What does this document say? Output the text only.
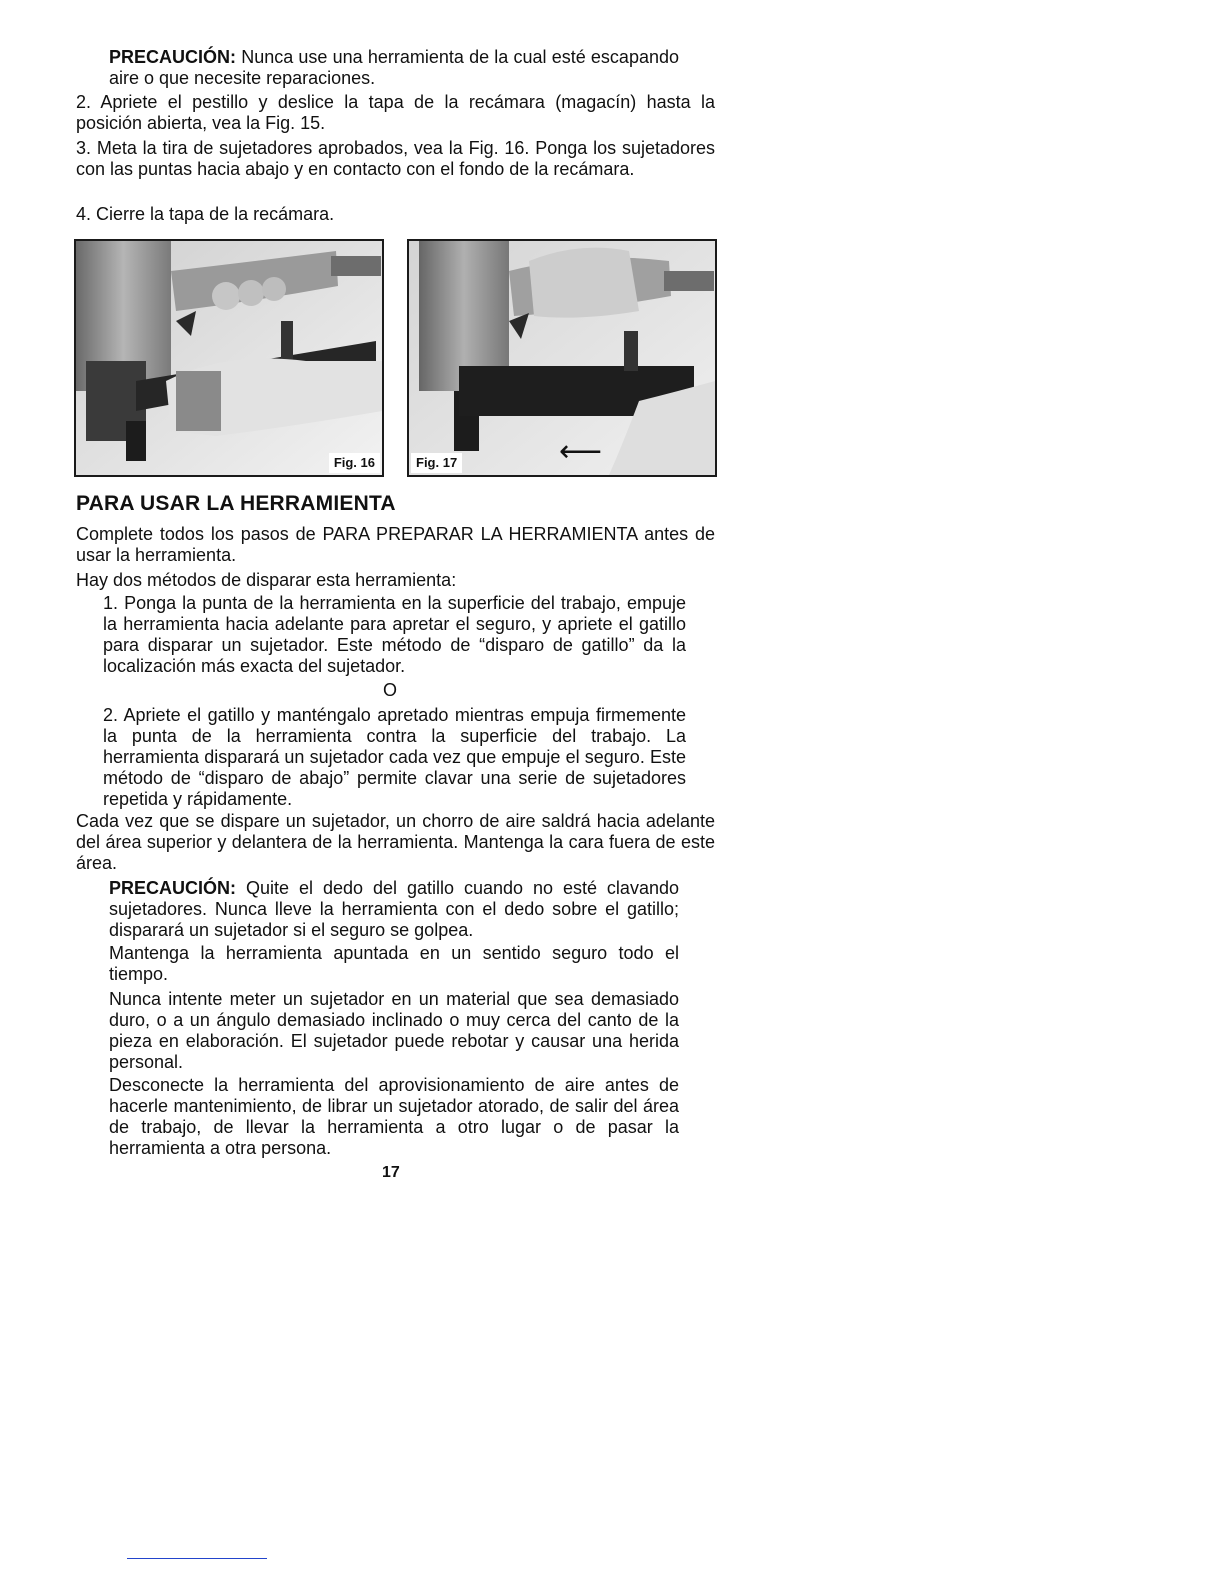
PRECAUCIÓN: Nunca use una herramienta de la cual esté escapando aire o que necesite reparaciones.

2. Apriete el pestillo y deslice la tapa de la recámara (magacín) hasta la posición abierta, vea la Fig. 15.

3. Meta la tira de sujetadores aprobados, vea la Fig. 16. Ponga los sujetadores con las puntas hacia abajo y en contacto con el fondo de la recámara.

4. Cierre la tapa de la recámara.

Fig. 16	Fig. 17	⟵
PARA USAR LA HERRAMIENTA

Complete todos los pasos de PARA PREPARAR LA HERRAMIENTA antes de usar la herramienta.

Hay dos métodos de disparar esta herramienta:

1. Ponga la punta de la herramienta en la superficie del trabajo, empuje la herramienta hacia adelante para apretar el seguro, y apriete el gatillo para disparar un sujetador. Este método de “disparo de gatillo” da la localización más exacta del sujetador.

O

2. Apriete el gatillo y manténgalo apretado mientras empuja firmemente la punta de la herramienta contra la superficie del trabajo. La herramienta disparará un sujetador cada vez que empuje el seguro. Este método de “disparo de abajo” permite clavar una serie de sujetadores repetida y rápidamente.

Cada vez que se dispare un sujetador, un chorro de aire saldrá hacia adelante del área superior y delantera de la herramienta. Mantenga la cara fuera de este área.

PRECAUCIÓN: Quite el dedo del gatillo cuando no esté clavando sujetadores. Nunca lleve la herramienta con el dedo sobre el gatillo; disparará un sujetador si el seguro se golpea.

Mantenga la herramienta apuntada en un sentido seguro todo el tiempo.

Nunca intente meter un sujetador en un material que sea demasiado duro, o a un ángulo demasiado inclinado o muy cerca del canto de la pieza en elaboración. El sujetador puede rebotar y causar una herida personal.

Desconecte la herramienta del aprovisionamiento de aire antes de hacerle mantenimiento, de librar un sujetador atorado, de salir del área de trabajo, de llevar la herramienta a otro lugar o de pasar la herramienta a otra persona.

17
